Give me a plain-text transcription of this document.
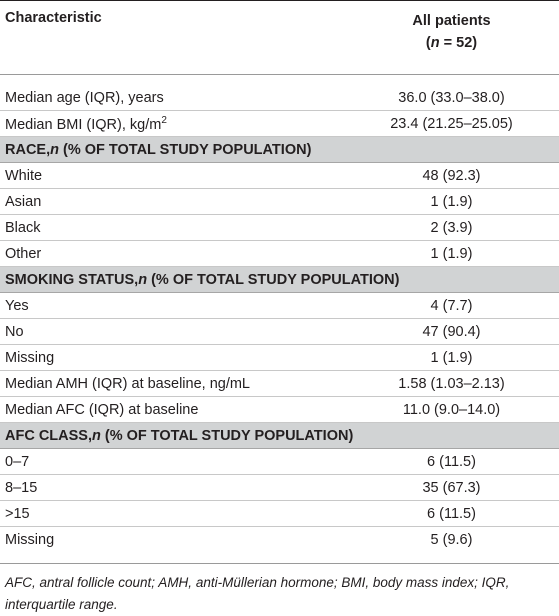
Characteristic	All patients
(n = 52)
Median age (IQR), years	36.0 (33.0–38.0)
Median BMI (IQR), $kg/m^2$	23.4 (21.25–25.05)
RACE, n
(% OF TOTAL STUDY POPULATION)
White	48 (92.3)
Asian	1 (1.9)
Black	2 (3.9)
Other	1 (1.9)
SMOKING STATUS, n
(% OF TOTAL STUDY POPULATION)
Yes	4 (7.7)
No	47 (90.4)
Missing	1 (1.9)
Median AMH (IQR) at baseline, ng/mL	1.58 (1.03–2.13)
Median AFC (IQR) at baseline	11.0 (9.0–14.0)
AFC CLASS, n
(% OF TOTAL STUDY POPULATION)
0–7	6 (11.5)
8–15	35 (67.3)
>15	6 (11.5)
Missing	5 (9.6)
AFC, antral follicle count; AMH, anti-Müllerian hormone; BMI, body mass index; IQR, interquartile range.
